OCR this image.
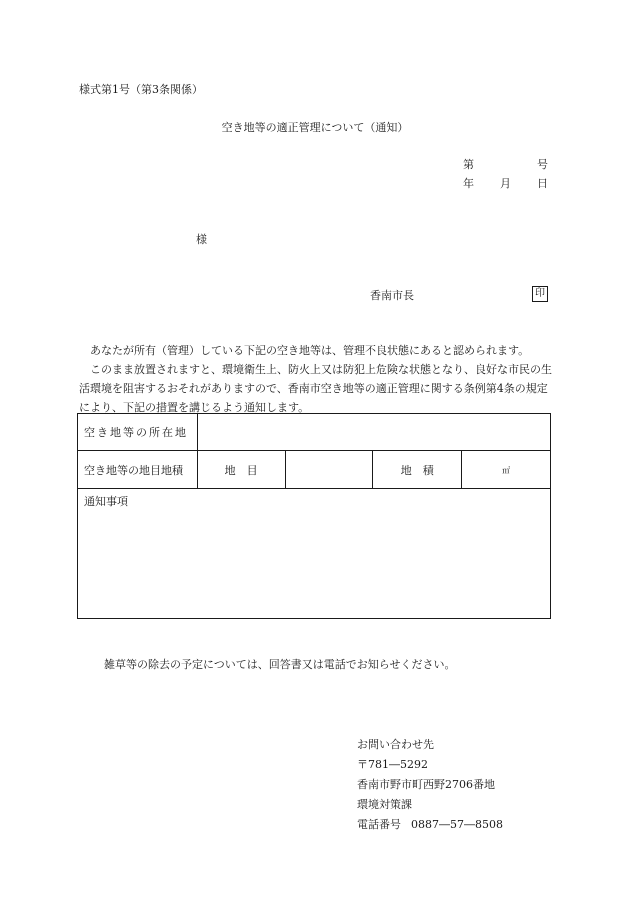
様式第1号（第3条関係）
空き地等の適正管理について（通知）
第	号
年 月 日
様
香南市長	印

　あなたが所有（管理）している下記の空き地等は、管理不良状態にあると認められます。

　このまま放置されますと、環境衛生上、防火上又は防犯上危険な状態となり、良好な市民の生活環境を阻害するおそれがありますので、香南市空き地等の適正管理に関する条例第4条の規定により、下記の措置を講じるよう通知します。

空き地等の所在地				
空き地等の地目地積	地　目		地　積	㎡

通知事項				
雑草等の除去の予定については、回答書又は電話でお知らせください。
お問い合わせ先
〒781―5292
香南市野市町西野2706番地
環境対策課
電話番号 0887―57―8508
